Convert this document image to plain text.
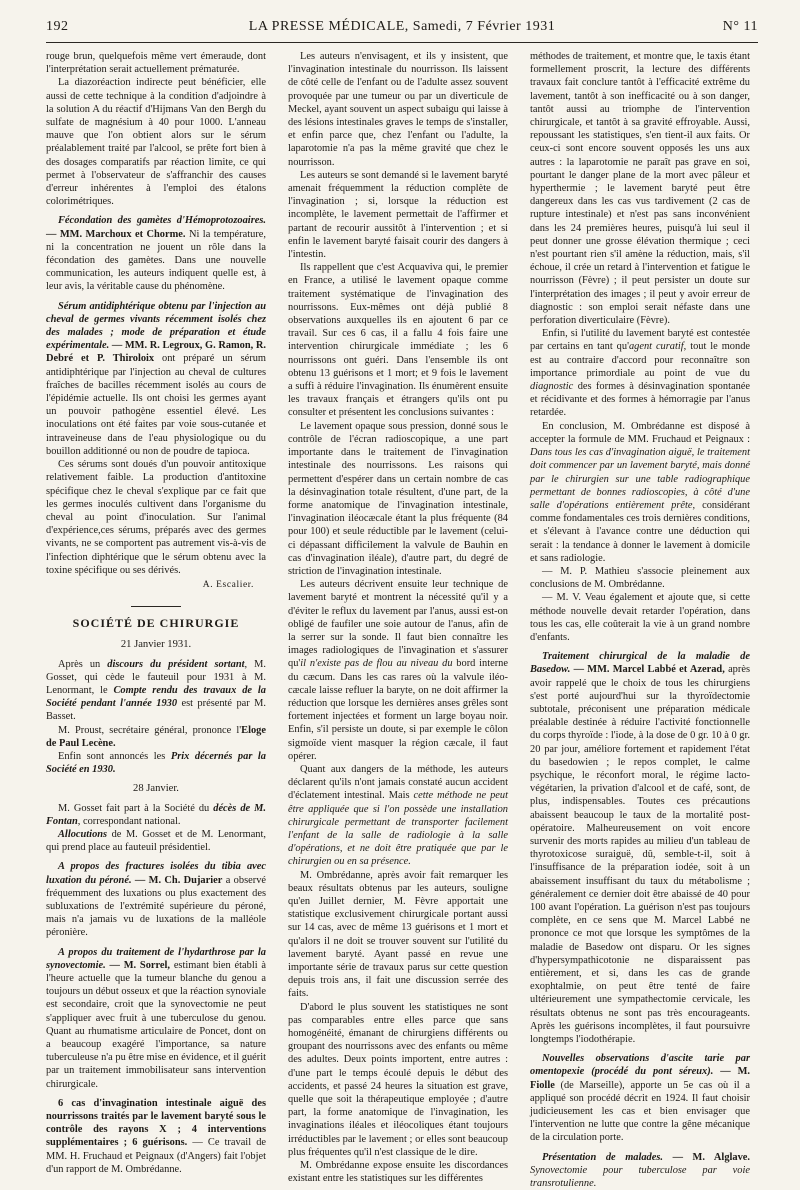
192	LA PRESSE MÉDICALE, Samedi, 7 Février 1931	N° 11

rouge brun, quelquefois même vert émeraude, dont l'interprétation serait actuellement prématurée.

La diazoréaction indirecte peut bénéficier, elle aussi de cette technique à la condition d'adjoindre à la solution A du réactif d'Hijmans Van den Bergh du sulfate de magnésium à 40 pour 1000. L'anneau mauve que l'on obtient alors sur le sérum préalablement traité par l'alcool, se prête fort bien à des dosages comparatifs par réaction limite, ce qui permet à l'observateur de s'affranchir des causes d'erreur inhérentes à l'emploi des étalons colorimétriques.

Fécondation des gamètes d'Hémoprotozoaires. — MM. Marchoux et Chorme. Ni la température, ni la concentration ne jouent un rôle dans la fécondation des gamètes. Dans une nouvelle communication, les auteurs indiquent quelle est, à leur avis, la véritable cause du phénomène.

Sérum antidiphtérique obtenu par l'injection au cheval de germes vivants récemment isolés chez des malades ; mode de préparation et étude expérimentale. — MM. R. Legroux, G. Ramon, R. Debré et P. Thiroloix ont préparé un sérum antidiphtérique par l'injection au cheval de cultures fraîches de bacilles récemment isolés au cours de l'épidémie actuelle. Ils ont choisi les germes ayant un pouvoir pathogène essentiel élevé. Les inoculations ont été faites par voie sous-cutanée et intraveineuse dans de l'eau physiologique ou du bouillon additionné ou non de poudre de tapioca.

Ces sérums sont doués d'un pouvoir antitoxique relativement faible. La production d'antitoxine spécifique chez le cheval s'explique par ce fait que les germes inoculés cultivent dans l'organisme du cheval au point d'inoculation. Sur l'animal d'expérience,ces sérums, préparés avec des germes vivants, ne se comportent pas autrement vis-à-vis de l'infection diphtérique que le sérum obtenu avec la toxine spécifique ou ses dérivés.

A. Escalier.
SOCIÉTÉ DE CHIRURGIE
21 Janvier 1931.

Après un discours du président sortant, M. Gosset, qui cède le fauteuil pour 1931 à M. Lenormant, le Compte rendu des travaux de la Société pendant l'année 1930 est présenté par M. Basset.

M. Proust, secrétaire général, prononce l'Eloge de Paul Lecène.

Enfin sont annoncés les Prix décernés par la Société en 1930.

28 Janvier.

M. Gosset fait part à la Société du décès de M. Fontan, correspondant national.

Allocutions de M. Gosset et de M. Lenormant, qui prend place au fauteuil présidentiel.

A propos des fractures isolées du tibia avec luxation du péroné. — M. Ch. Dujarier a observé fréquemment des luxations ou plus exactement des subluxations de l'extrémité supérieure du péroné, mais n'a jamais vu de luxations de la malléole péronière.

A propos du traitement de l'hydarthrose par la synovectomie. — M. Sorrel, estimant bien établi à l'heure actuelle que la tumeur blanche du genou a toujours un début osseux et que la réaction synoviale est secondaire, croit que la synovectomie ne peut s'appliquer avec fruit à une tuberculose du genou. Quant au rhumatisme articulaire de Poncet, dont on a beaucoup exagéré l'importance, sa nature tuberculeuse n'a pu être mise en évidence, et il guérit par un traitement immobilisateur sans intervention chirurgicale.

6 cas d'invagination intestinale aiguë des nourrissons traités par le lavement baryté sous le contrôle des rayons X ; 4 interventions supplémentaires ; 6 guérisons. — Ce travail de MM. H. Fruchaud et Peignaux (d'Angers) fait l'objet d'un rapport de M. Ombrédanne.

Les auteurs n'envisagent, et ils y insistent, que l'invagination intestinale du nourrisson. Ils laissent de côté celle de l'enfant ou de l'adulte assez souvent provoquée par une tumeur ou par un diverticule de Meckel, ayant souvent un aspect subaigu qui laisse à des lésions intestinales graves le temps de s'installer, et enfin parce que, chez l'enfant ou l'adulte, la laparotomie n'a pas la même gravité que chez le nourrisson.

Les auteurs se sont demandé si le lavement baryté amenait fréquemment la réduction complète de l'invagination ; si, lorsque la réduction est incomplète, le lavement permettait de l'affirmer et partant de recourir aussitôt à l'intervention ; et si enfin le lavement baryté faisait courir des dangers à l'intestin.

Ils rappellent que c'est Acquaviva qui, le premier en France, a utilisé le lavement opaque comme traitement systématique de l'invagination des nourrissons. Eux-mêmes ont déjà publié 8 observations auxquelles ils en ajoutent 6 par ce travail. Sur ces 6 cas, il a fallu 4 fois faire une intervention chirurgicale immédiate ; les 6 nourrissons ont guéri. Dans l'ensemble ils ont obtenu 13 guérisons et 1 mort; et 9 fois le lavement a suffi à réduire l'invagination. Ils énumèrent ensuite les travaux français et étrangers qu'ils ont pu consulter et présentent les conclusions suivantes :

Le lavement opaque sous pression, donné sous le contrôle de l'écran radioscopique, a une part importante dans le traitement de l'invagination intestinale des nourrissons. Les raisons qui permettent d'espérer dans un certain nombre de cas la désinvagination totale résultent, d'une part, de la forme anatomique de l'invagination intestinale, l'invagination iléocæcale étant la plus fréquente (84 pour 100) et seule réductible par le lavement (celui-ci dépassant difficilement la valvule de Bauhin en cas d'invagination iléale), d'autre part, du degré de striction de l'invagination intestinale.

Les auteurs décrivent ensuite leur technique de lavement baryté et montrent la nécessité qu'il y a d'éviter le reflux du lavement par l'anus, aussi est-on obligé de faufiler une soie autour de l'anus, afin de la serrer sur la sonde. Il faut bien connaître les images radiologiques de l'invagination et s'assurer qu'il n'existe pas de flou au niveau du bord interne du cæcum. Dans les cas rares où la valvule iléo-cæcale laisse refluer la baryte, on ne doit affirmer la réduction que lorsque les dernières anses grêles sont fortement injectées et forment un large boyau noir. Enfin, s'il persiste un doute, si par exemple le côlon sigmoïde vient masquer la région cæcale, il faut opérer.

Quant aux dangers de la méthode, les auteurs déclarent qu'ils n'ont jamais constaté aucun accident d'éclatement intestinal. Mais cette méthode ne peut être appliquée que si l'on possède une installation chirurgicale permettant de transporter facilement l'enfant de la salle de radiologie à la salle d'opérations, et ne doit être pratiquée que par le chirurgien ou en sa présence.

M. Ombrédanne, après avoir fait remarquer les beaux résultats obtenus par les auteurs, souligne qu'en Juillet dernier, M. Fèvre apportait une statistique exclusivement chirurgicale portant aussi sur 14 cas, avec de même 13 guérisons et 1 mort et qu'alors il ne doit se trouver souvent sur l'utilité du lavement baryté. Ayant passé en revue une importante série de travaux parus sur cette question depuis trois ans, il fait une discussion serrée des faits.

D'abord le plus souvent les statistiques ne sont pas comparables entre elles parce que sans homogénéité, émanant de chirurgiens différents ou groupant des nourrissons avec des enfants ou même des adultes. Deux points importent, entre autres : d'une part le temps écoulé depuis le début des accidents, et passé 24 heures la situation est grave, quelle que soit la thérapeutique employée ; d'autre part, la forme anatomique de l'invagination, les invaginations iléales et iléocoliques étant toujours irréductibles par le lavement ; or elles sont beaucoup plus fréquentes qu'il n'est classique de le dire.

M. Ombrédanne expose ensuite les discordances existant entre les statistiques sur les différentes

méthodes de traitement, et montre que, le taxis étant formellement proscrit, la lecture des différents travaux fait conclure tantôt à l'efficacité extrême du lavement, tantôt à son inefficacité ou à son danger, tantôt aussi au triomphe de l'intervention chirurgicale, et tantôt à sa gravité effroyable. Aussi, repoussant les statistiques, s'en tient-il aux faits. Or ceux-ci sont encore souvent opposés les uns aux autres : la laparotomie ne paraît pas grave en soi, pourtant le danger plane de la mort avec pâleur et hyperthermie ; le lavement baryté peut être dangereux dans les cas vus tardivement (2 cas de rupture intestinale) et n'est pas sans inconvénient dans les 24 premières heures, puisqu'à lui seul il peut donner une grosse élévation thermique ; ceci n'est pourtant rien s'il amène la réduction, mais, s'il échoue, il crée un retard à l'intervention et fatigue le nourrisson (Fèvre) ; il peut persister un doute sur l'interprétation des images ; il peut y avoir erreur de diagnostic : son emploi serait néfaste dans une perforation diverticulaire (Fèvre).

Enfin, si l'utilité du lavement baryté est contestée par certains en tant qu'agent curatif, tout le monde est au contraire d'accord pour reconnaître son importance primordiale au point de vue du diagnostic des formes à désinvagination spontanée et récidivante et des formes à hémorragie par l'anus retardée.

En conclusion, M. Ombrédanne est disposé à accepter la formule de MM. Fruchaud et Peignaux : Dans tous les cas d'invagination aiguë, le traitement doit commencer par un lavement baryté, mais donné par le chirurgien sur une table radiographique permettant de bonnes radioscopies, à côté d'une salle d'opérations entièrement prête, considérant comme fondamentales ces trois dernières conditions, et s'élevant à l'avance contre une déduction qui serait : la tendance à donner le lavement à domicile et sans radiologie.

— M. P. Mathieu s'associe pleinement aux conclusions de M. Ombrédanne.

— M. V. Veau également et ajoute que, si cette méthode nouvelle devait retarder l'opération, dans tous les cas, elle coûterait la vie à un grand nombre d'enfants.

Traitement chirurgical de la maladie de Basedow. — MM. Marcel Labbé et Azerad, après avoir rappelé que le choix de tous les chirurgiens s'est porté aujourd'hui sur la thyroïdectomie subtotale, préconisent une préparation médicale préalable destinée à réduire l'activité fonctionnelle du corps thyroïde : l'iode, à la dose de 0 gr. 10 à 0 gr. 20 par jour, améliore fortement et rapidement l'état du basedowien ; le repos complet, le calme psychique, le réconfort moral, le régime lacto-végétarien, la privation d'alcool et de café, sont, de plus, indispensables. Toutes ces précautions abaissent beaucoup le taux de la mortalité post-opératoire. Malheureusement on voit encore survenir des morts rapides au milieu d'un tableau de thyrotoxicose suraiguë, dû, semble-t-il, soit à l'insuffisance de la préparation iodée, soit à un abaissement insuffisant du taux du métabolisme ; généralement ce dernier doit être abaissé de 40 pour 100 avant l'opération. La guérison n'est pas toujours complète, en ce sens que M. Marcel Labbé ne prononce ce mot que lorsque les symptômes de la maladie de Basedow ont disparu. Or les signes d'hypersympathicotonie ne disparaissent pas entièrement, et si, dans les cas de grande exophtalmie, on peut être tenté de faire ultérieurement une sympathectomie cervicale, les résultats obtenus ne sont pas très encourageants. Après les guérisons incomplètes, il faut poursuivre longtemps l'iodothérapie.

Nouvelles observations d'ascite tarie par omentopexie (procédé du pont séreux). — M. Fiolle (de Marseille), apporte un 5e cas où il a appliqué son procédé décrit en 1924. Il faut choisir judicieusement les cas et bien envisager que l'intervention ne lutte que contre la gêne mécanique de la circulation porte.

Présentation de malades. — M. Alglave. Synovectomie pour tuberculose par voie transrotulienne.
